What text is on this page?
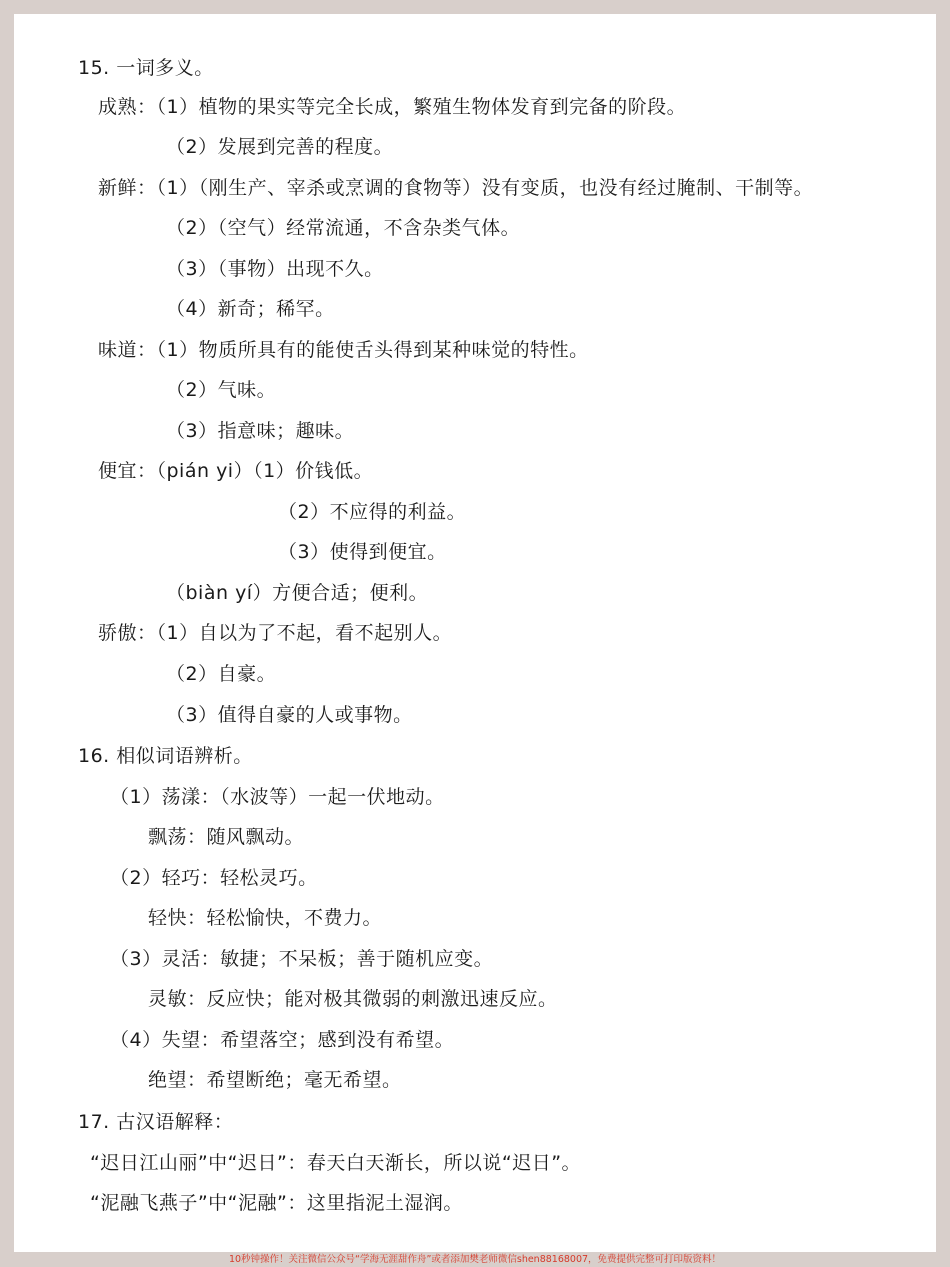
15. 一词多义。
成熟：（1）植物的果实等完全长成，繁殖生物体发育到完备的阶段。
（2）发展到完善的程度。
新鲜：（1）（刚生产、宰杀或烹调的食物等）没有变质，也没有经过腌制、干制等。
（2）（空气）经常流通，不含杂类气体。
（3）（事物）出现不久。
（4）新奇；稀罕。
味道：（1）物质所具有的能使舌头得到某种味觉的特性。
（2）气味。
（3）指意味；趣味。
便宜：（pián yi）（1）价钱低。
（2）不应得的利益。
（3）使得到便宜。
（biàn yí）方便合适；便利。
骄傲：（1）自以为了不起，看不起别人。
（2）自豪。
（3）值得自豪的人或事物。
16. 相似词语辨析。
（1）荡漾：（水波等）一起一伏地动。
飘荡：随风飘动。
（2）轻巧：轻松灵巧。
轻快：轻松愉快，不费力。
（3）灵活：敏捷；不呆板；善于随机应变。
灵敏：反应快；能对极其微弱的刺激迅速反应。
（4）失望：希望落空；感到没有希望。
绝望：希望断绝；毫无希望。
17. 古汉语解释：
“迟日江山丽”中“迟日”：春天白天渐长，所以说“迟日”。
“泥融飞燕子”中“泥融”：这里指泥土湿润。
10秒钟操作！关注微信公众号“学海无涯甜作舟”或者添加樊老师微信shen88168007，免费提供完整可打印版资料！
